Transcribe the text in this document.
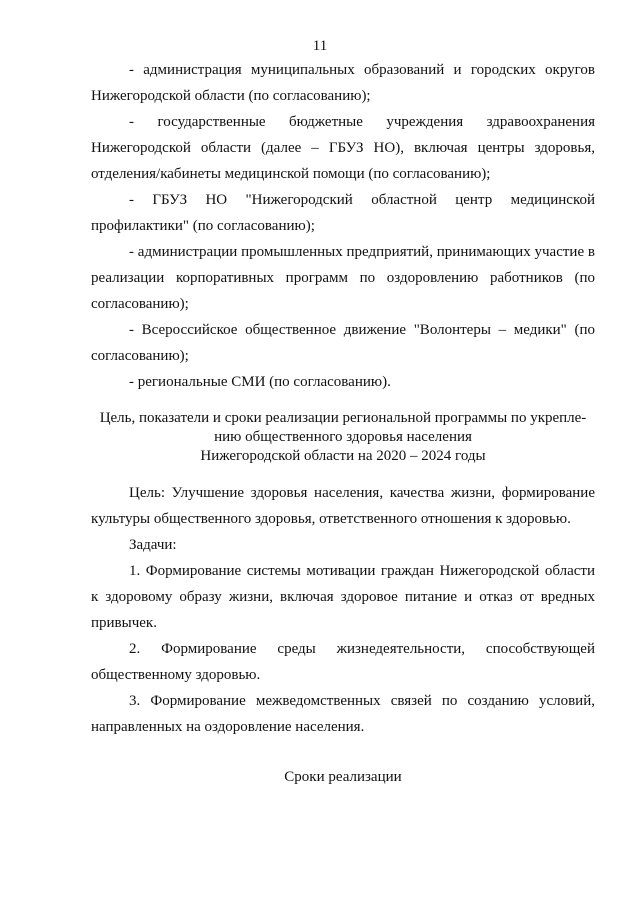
11

- администрация муниципальных образований и городских округов Нижегородской области (по согласованию);

- государственные бюджетные учреждения здравоохранения Нижегородской области (далее – ГБУЗ НО), включая центры здоровья, отделения/кабинеты медицинской помощи (по согласованию);

- ГБУЗ НО "Нижегородский областной центр медицинской профилактики" (по согласованию);

- администрации промышленных предприятий, принимающих участие в реализации корпоративных программ по оздоровлению работников (по согласованию);

- Всероссийское общественное движение "Волонтеры – медики" (по согласованию);

- региональные СМИ (по согласованию).

Цель, показатели и сроки реализации региональной программы по укрепле-
нию общественного здоровья населения
Нижегородской области на 2020 – 2024 годы

Цель: Улучшение здоровья населения, качества жизни, формирование культуры общественного здоровья, ответственного отношения к здоровью.

Задачи:

1. Формирование системы мотивации граждан Нижегородской области к здоровому образу жизни, включая здоровое питание и отказ от вредных привычек.

2. Формирование среды жизнедеятельности, способствующей общественному здоровью.

3. Формирование межведомственных связей по созданию условий, направленных на оздоровление населения.

Сроки реализации
